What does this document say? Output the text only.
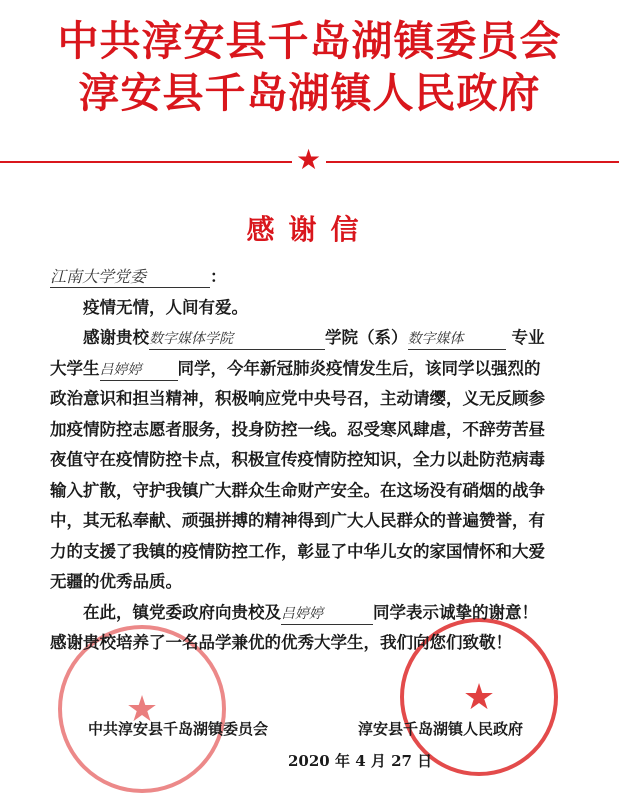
中共淳安县千岛湖镇委员会
淳安县千岛湖镇人民政府
★
感谢信
★	★
江南大学党委	：
疫情无情，人间有爱。
感谢贵校数字媒体学院	学院（系）数字媒体	专业
大学生吕婷婷 同学，今年新冠肺炎疫情发生后，该同学以强烈的
政治意识和担当精神，积极响应党中央号召，主动请缨，义无反顾参
加疫情防控志愿者服务，投身防控一线。忍受寒风肆虐，不辞劳苦昼
夜值守在疫情防控卡点，积极宣传疫情防控知识，全力以赴防范病毒
输入扩散，守护我镇广大群众生命财产安全。在这场没有硝烟的战争
中，其无私奉献、顽强拼搏的精神得到广大人民群众的普遍赞誉，有
力的支援了我镇的疫情防控工作，彰显了中华儿女的家国情怀和大爱
无疆的优秀品质。
在此，镇党委政府向贵校及吕婷婷	同学表示诚挚的谢意！
感谢贵校培养了一名品学兼优的优秀大学生，我们向您们致敬！
中共淳安县千岛湖镇委员会	淳安县千岛湖镇人民政府
2020 年 4 月 27 日
